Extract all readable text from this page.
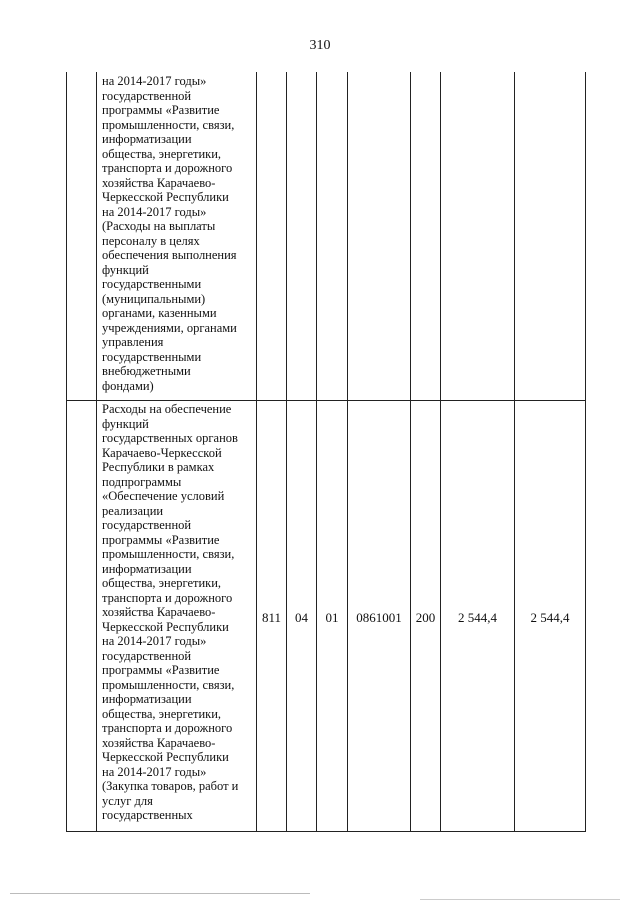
310
на 2014-2017 годы»
государственной
программы «Развитие
промышленности, связи,
информатизации
общества, энергетики,
транспорта и дорожного
хозяйства Карачаево-
Черкесской Республики
на 2014-2017 годы»
(Расходы на выплаты
персоналу в целях
обеспечения выполнения
функций
государственными
(муниципальными)
органами, казенными
учреждениями, органами
управления
государственными
внебюджетными
фондами)
Расходы на обеспечение
функций
государственных органов
Карачаево-Черкесской
Республики в рамках
подпрограммы
«Обеспечение условий
реализации
государственной
программы «Развитие
промышленности, связи,
информатизации
общества, энергетики,
транспорта и дорожного
хозяйства Карачаево-
Черкесской Республики
на 2014-2017 годы»
государственной
программы «Развитие
промышленности, связи,
информатизации
общества, энергетики,
транспорта и дорожного
хозяйства Карачаево-
Черкесской Республики
на 2014-2017 годы»
(Закупка товаров, работ и
услуг для
государственных
811	04	01	0861001	200	2 544,4	2 544,4
